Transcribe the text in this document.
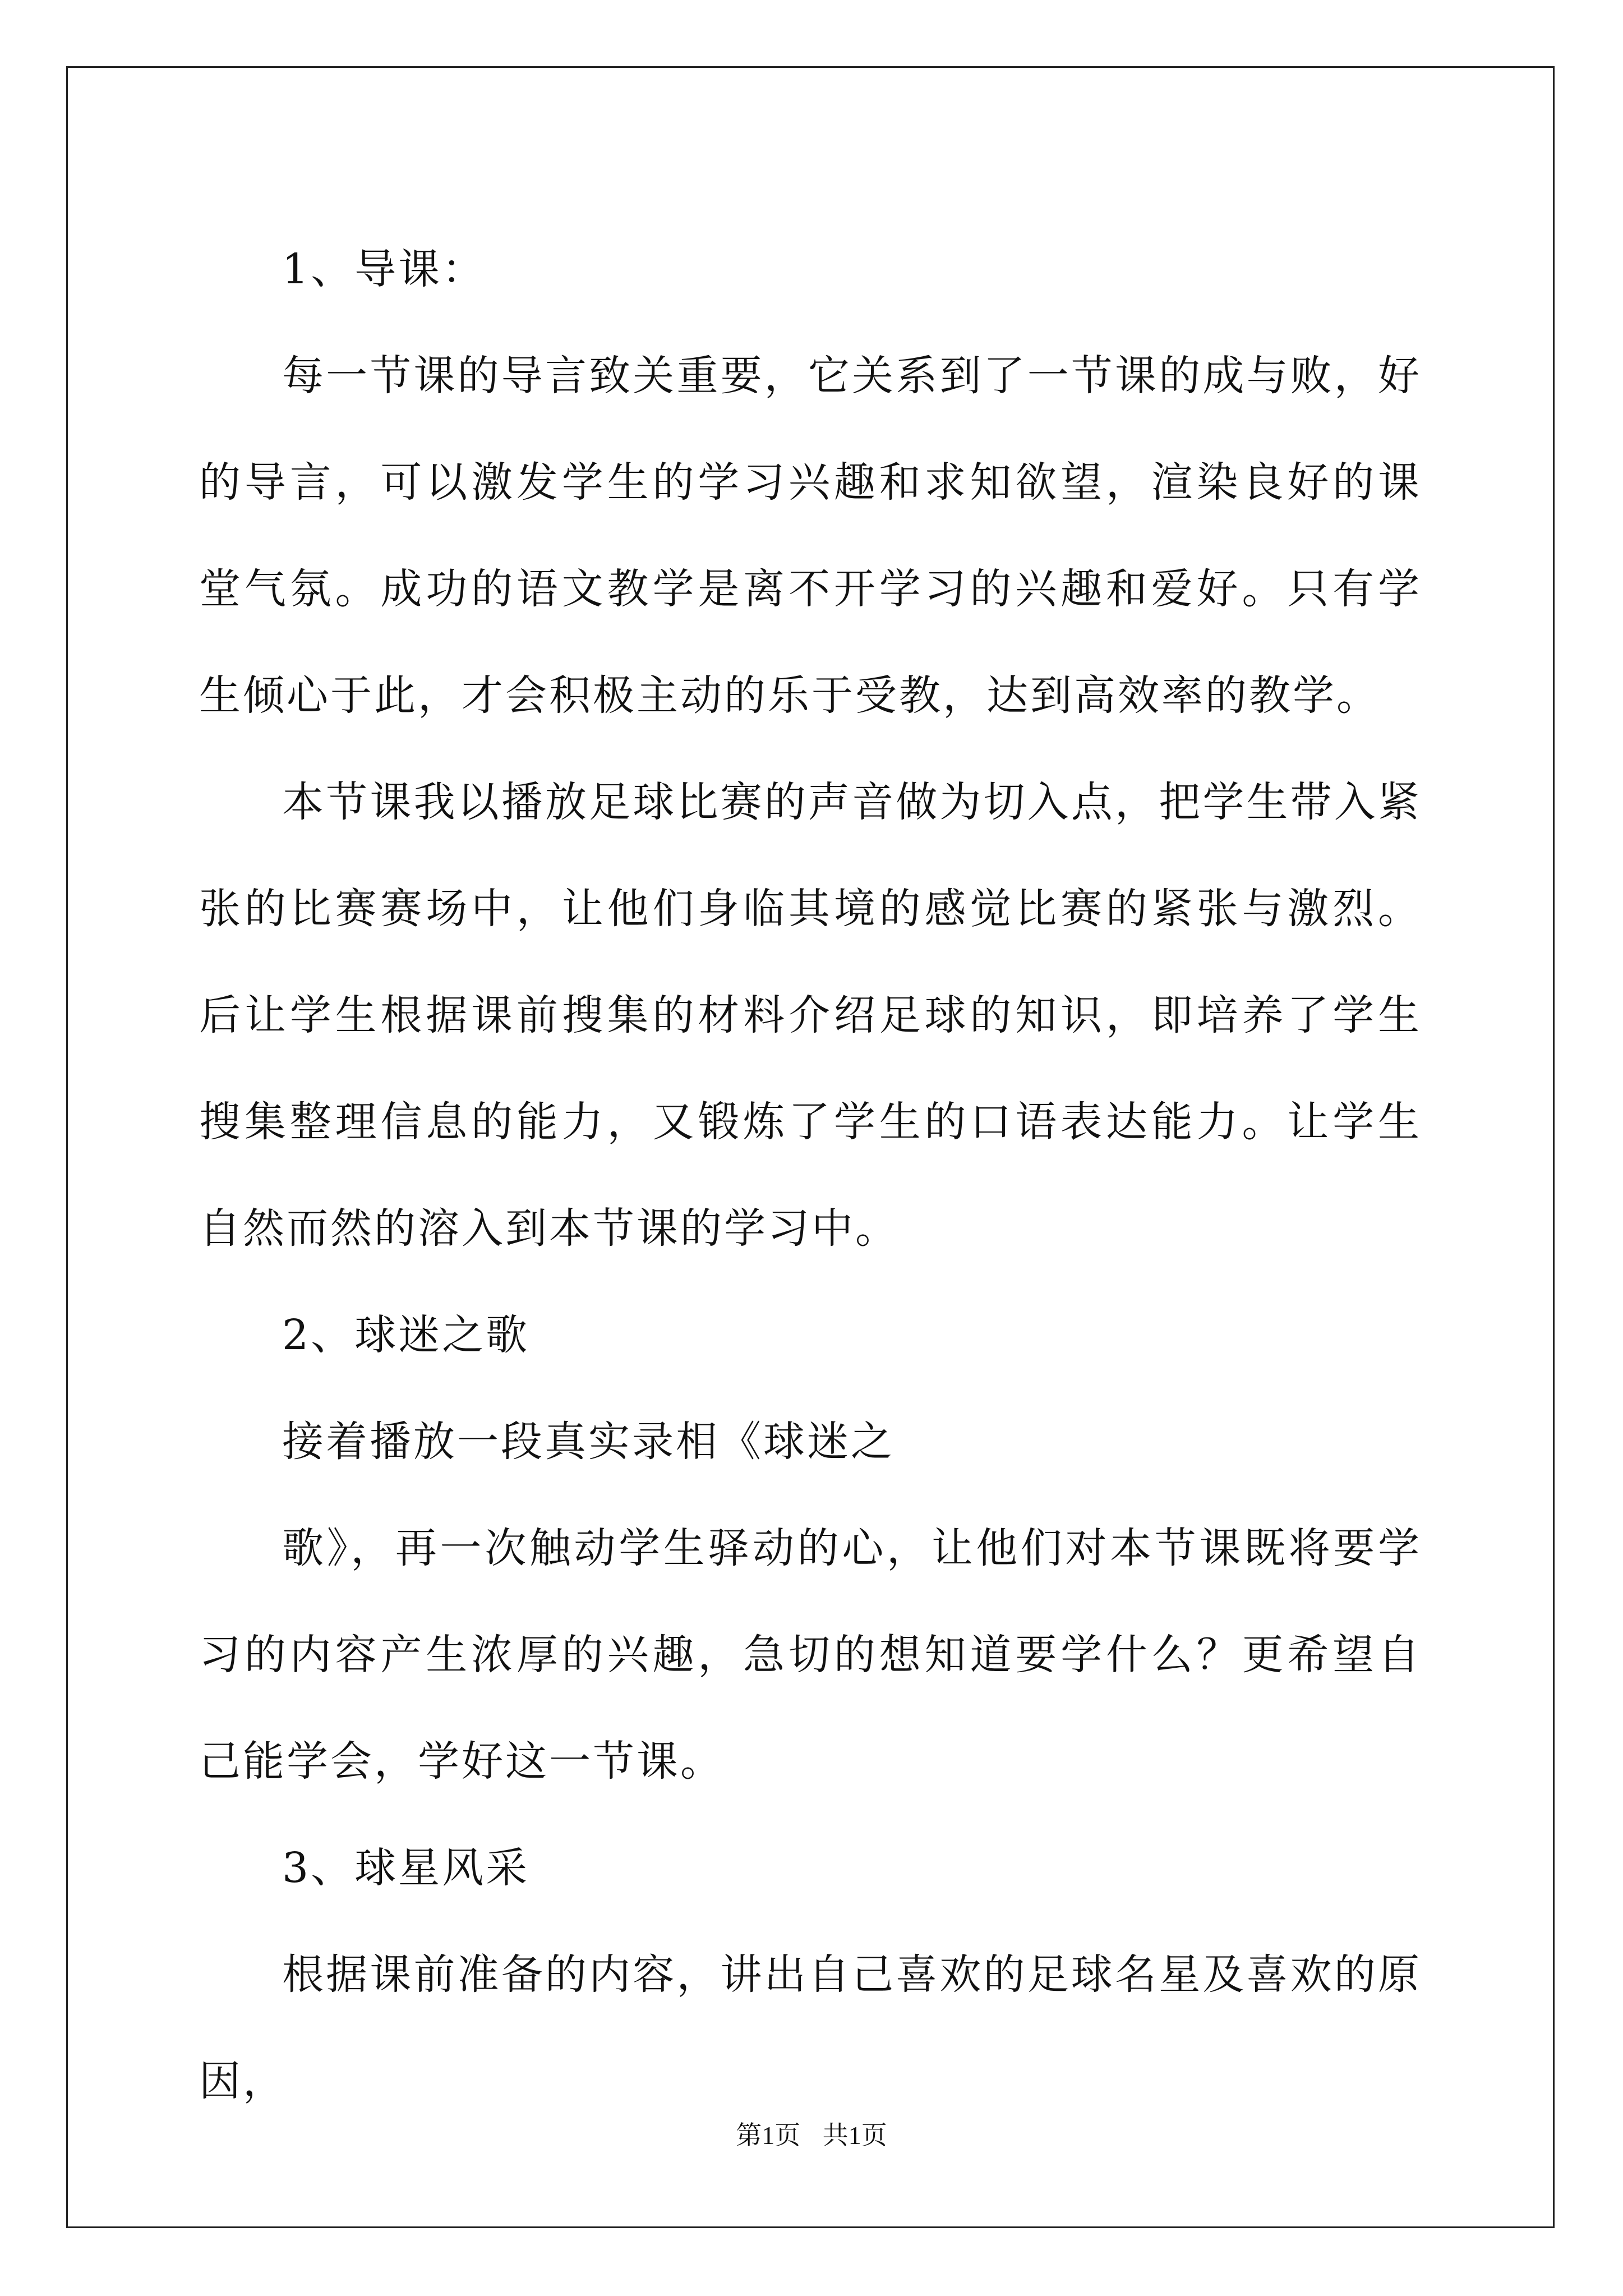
1、导课：

每一节课的导言致关重要，它关系到了一节课的成与败，好的导言，可以激发学生的学习兴趣和求知欲望，渲染良好的课堂气氛。成功的语文教学是离不开学习的兴趣和爱好。只有学生倾心于此，才会积极主动的乐于受教，达到高效率的教学。

本节课我以播放足球比赛的声音做为切入点，把学生带入紧张的比赛赛场中，让他们身临其境的感觉比赛的紧张与激烈。后让学生根据课前搜集的材料介绍足球的知识，即培养了学生搜集整理信息的能力，又锻炼了学生的口语表达能力。让学生自然而然的溶入到本节课的学习中。

2、球迷之歌

接着播放一段真实录相《球迷之

歌》，再一次触动学生驿动的心，让他们对本节课既将要学习的内容产生浓厚的兴趣，急切的想知道要学什么？更希望自己能学会，学好这一节课。

3、球星风采

根据课前准备的内容，讲出自己喜欢的足球名星及喜欢的原因，

第1页 共1页
